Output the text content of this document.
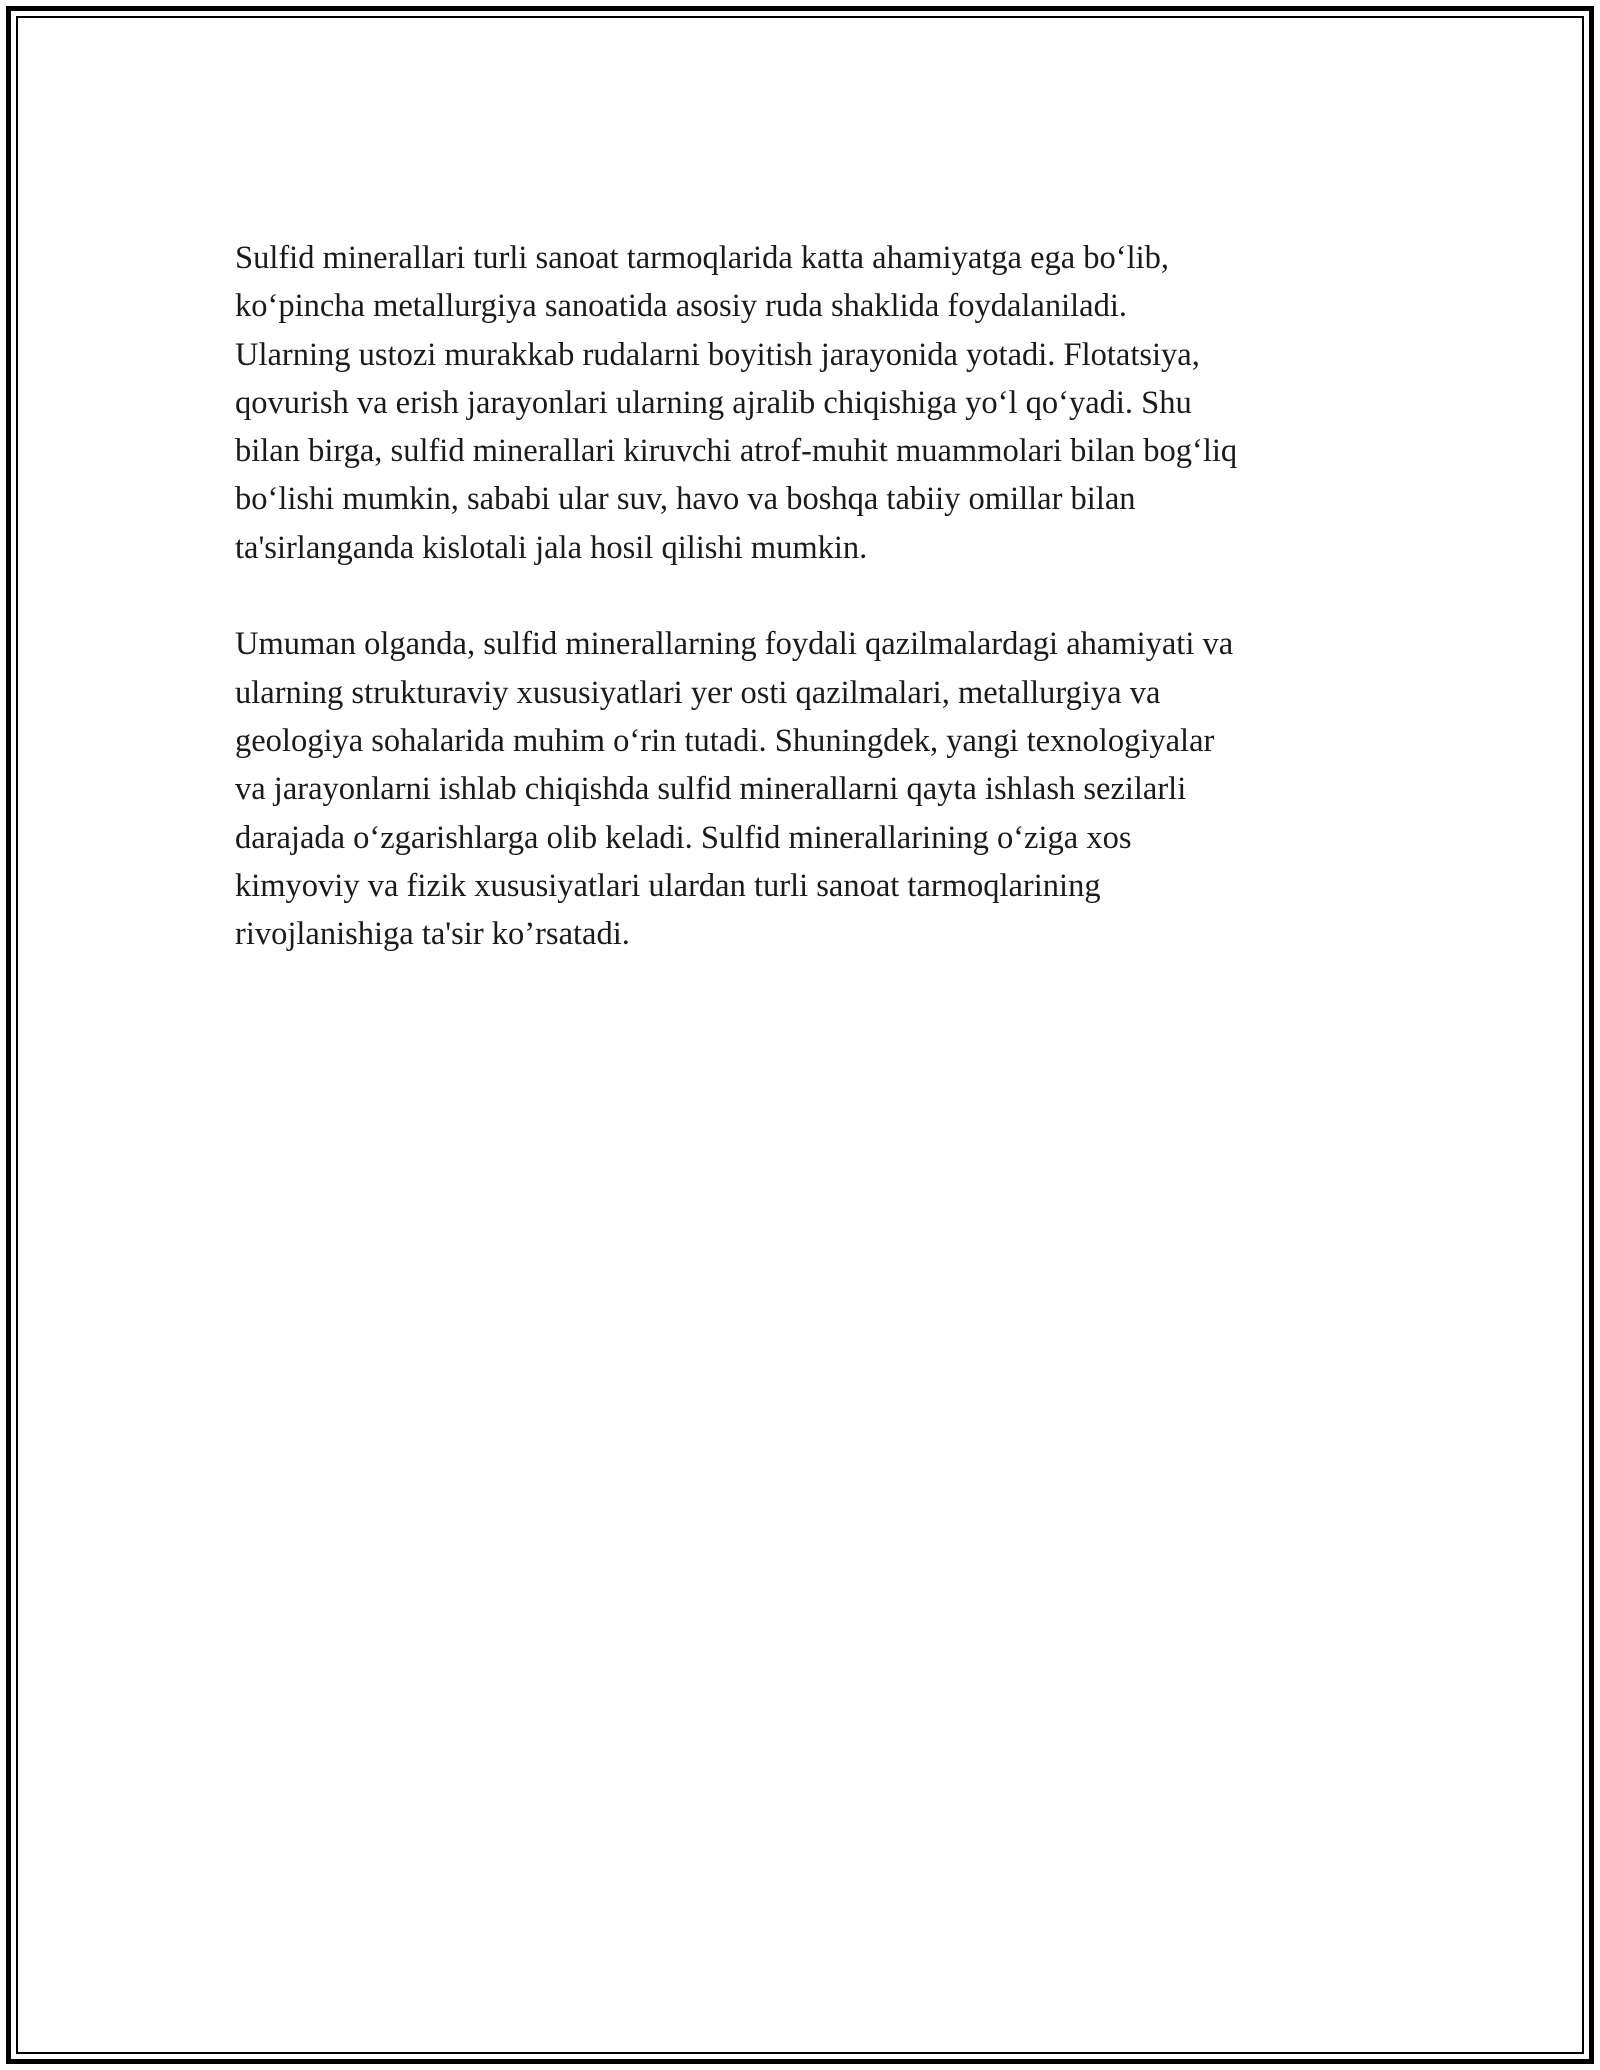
Sulfid minerallari turli sanoat tarmoqlarida katta ahamiyatga ega bo‘lib,
ko‘pincha metallurgiya sanoatida asosiy ruda shaklida foydalaniladi.
Ularning ustozi murakkab rudalarni boyitish jarayonida yotadi. Flotatsiya,
qovurish va erish jarayonlari ularning ajralib chiqishiga yo‘l qo‘yadi. Shu
bilan birga, sulfid minerallari kiruvchi atrof-muhit muammolari bilan bog‘liq
bo‘lishi mumkin, sababi ular suv, havo va boshqa tabiiy omillar bilan
ta'sirlanganda kislotali jala hosil qilishi mumkin.

Umuman olganda, sulfid minerallarning foydali qazilmalardagi ahamiyati va
ularning strukturaviy xususiyatlari yer osti qazilmalari, metallurgiya va
geologiya sohalarida muhim o‘rin tutadi. Shuningdek, yangi texnologiyalar
va jarayonlarni ishlab chiqishda sulfid minerallarni qayta ishlash sezilarli
darajada o‘zgarishlarga olib keladi. Sulfid minerallarining o‘ziga xos
kimyoviy va fizik xususiyatlari ulardan turli sanoat tarmoqlarining
rivojlanishiga ta'sir ko’rsatadi.
